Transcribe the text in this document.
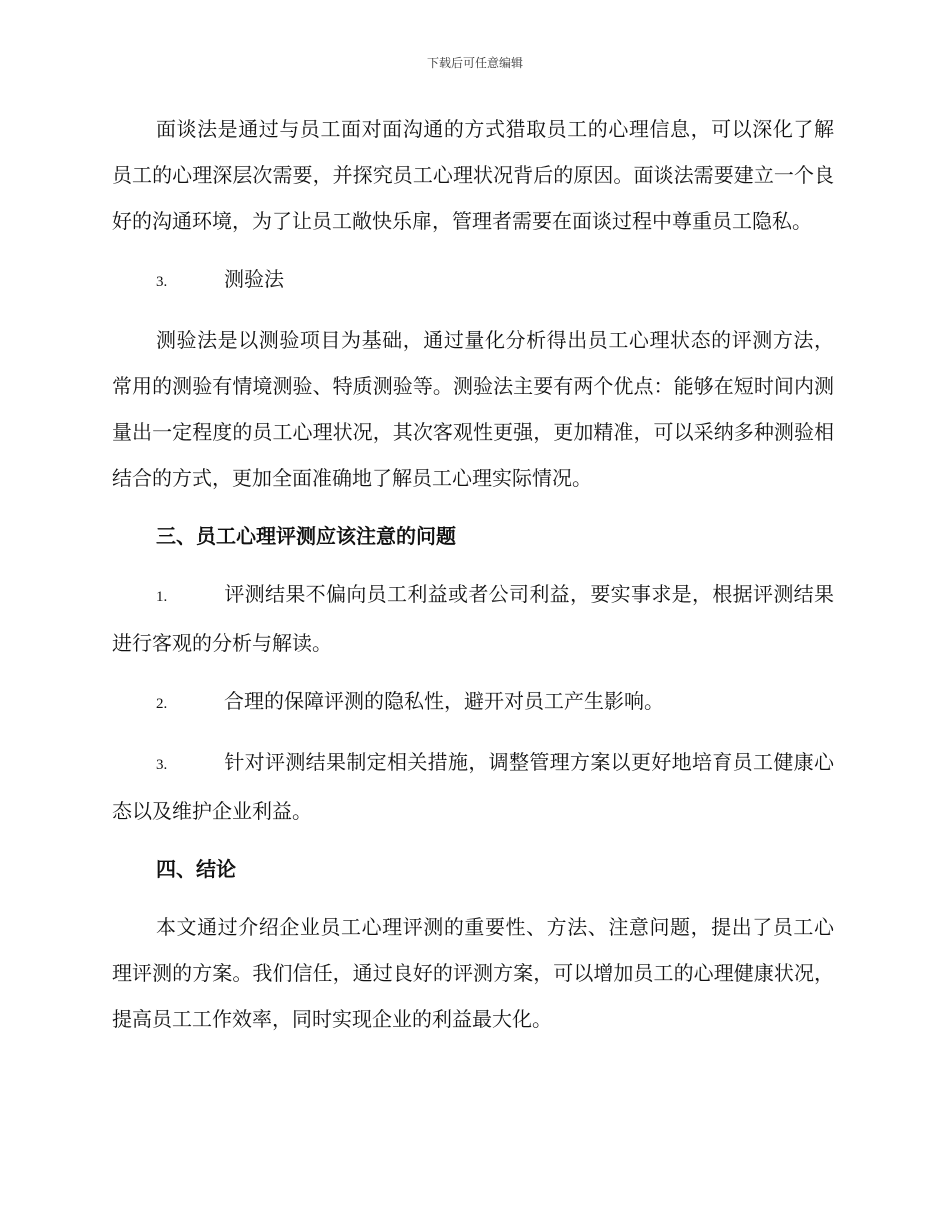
下载后可任意编辑

面谈法是通过与员工面对面沟通的方式猎取员工的心理信息，可以深化了解员工的心理深层次需要，并探究员工心理状况背后的原因。面谈法需要建立一个良好的沟通环境，为了让员工敞快乐扉，管理者需要在面谈过程中尊重员工隐私。

3.	测验法

测验法是以测验项目为基础，通过量化分析得出员工心理状态的评测方法，常用的测验有情境测验、特质测验等。测验法主要有两个优点：能够在短时间内测量出一定程度的员工心理状况，其次客观性更强，更加精准，可以采纳多种测验相结合的方式，更加全面准确地了解员工心理实际情况。

三、员工心理评测应该注意的问题
1.	评测结果不偏向员工利益或者公司利益，要实事求是，根据评测结果进行客观的分析与解读。
2.	合理的保障评测的隐私性，避开对员工产生影响。
3.	针对评测结果制定相关措施，调整管理方案以更好地培育员工健康心态以及维护企业利益。
四、结论

本文通过介绍企业员工心理评测的重要性、方法、注意问题，提出了员工心理评测的方案。我们信任，通过良好的评测方案，可以增加员工的心理健康状况，提高员工工作效率，同时实现企业的利益最大化。
